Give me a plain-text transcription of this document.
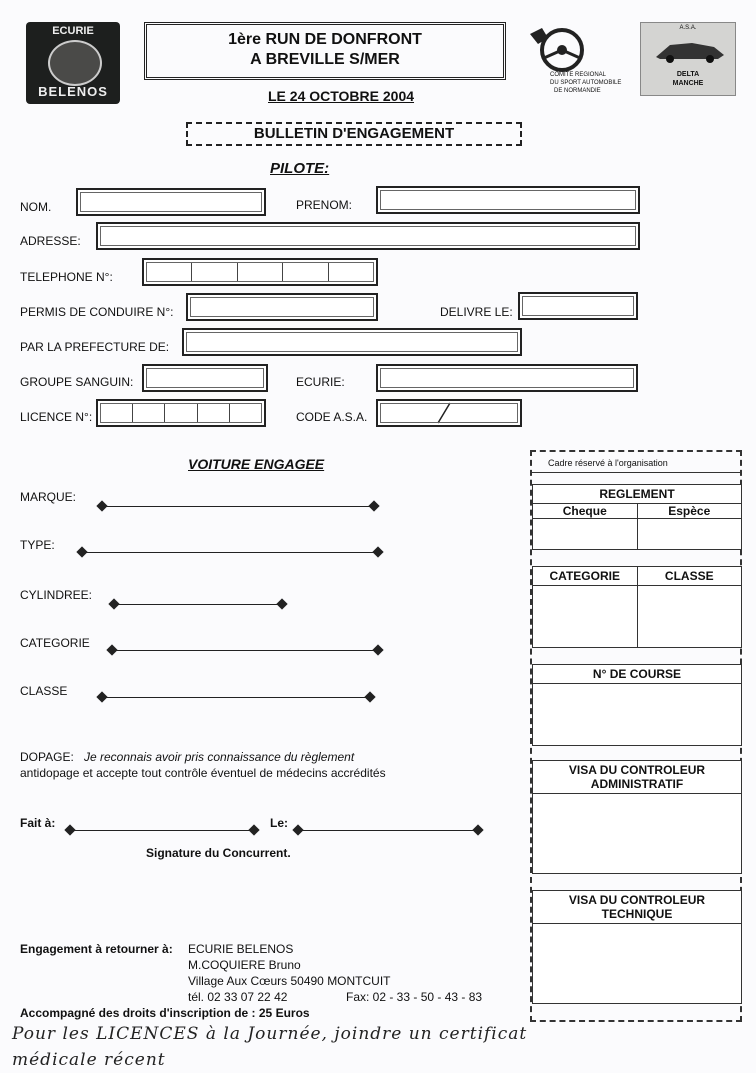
ECURIE
BELENOS
1ère RUN DE DONFRONT
A BREVILLE S/MER
LE 24 OCTOBRE 2004
COMITE REGIONAL
DU SPORT AUTOMOBILE
DE NORMANDIE
A.S.A.
DELTA
MANCHE
BULLETIN D'ENGAGEMENT
PILOTE:
NOM.	PRENOM:
ADRESSE:
TELEPHONE N°:
PERMIS DE CONDUIRE N°:	DELIVRE LE:
PAR LA PREFECTURE DE:
GROUPE SANGUIN:	ECURIE:
LICENCE N°:	CODE A.S.A.
VOITURE ENGAGEE
MARQUE:
TYPE:
CYLINDREE:
CATEGORIE
CLASSE
DOPAGE: Je reconnais avoir pris connaissance du règlement
antidopage et accepte tout contrôle éventuel de médecins accrédités
Fait à:	Le:
Signature du Concurrent.
Cadre réservé à l'organisation
REGLEMENT
Cheque	Espèce
CATEGORIE	CLASSE
N° DE COURSE
VISA DU CONTROLEUR
ADMINISTRATIF
VISA DU CONTROLEUR
TECHNIQUE
Engagement à retourner à: ECURIE BELENOS
M.COQUIERE Bruno
Village Aux Cœurs 50490 MONTCUIT
tél. 02 33 07 22 42	Fax: 02 - 33 - 50 - 43 - 83
Accompagné des droits d'inscription de : 25 Euros
Pour les LICENCES à la Journée, joindre un certificat
médicale récent
